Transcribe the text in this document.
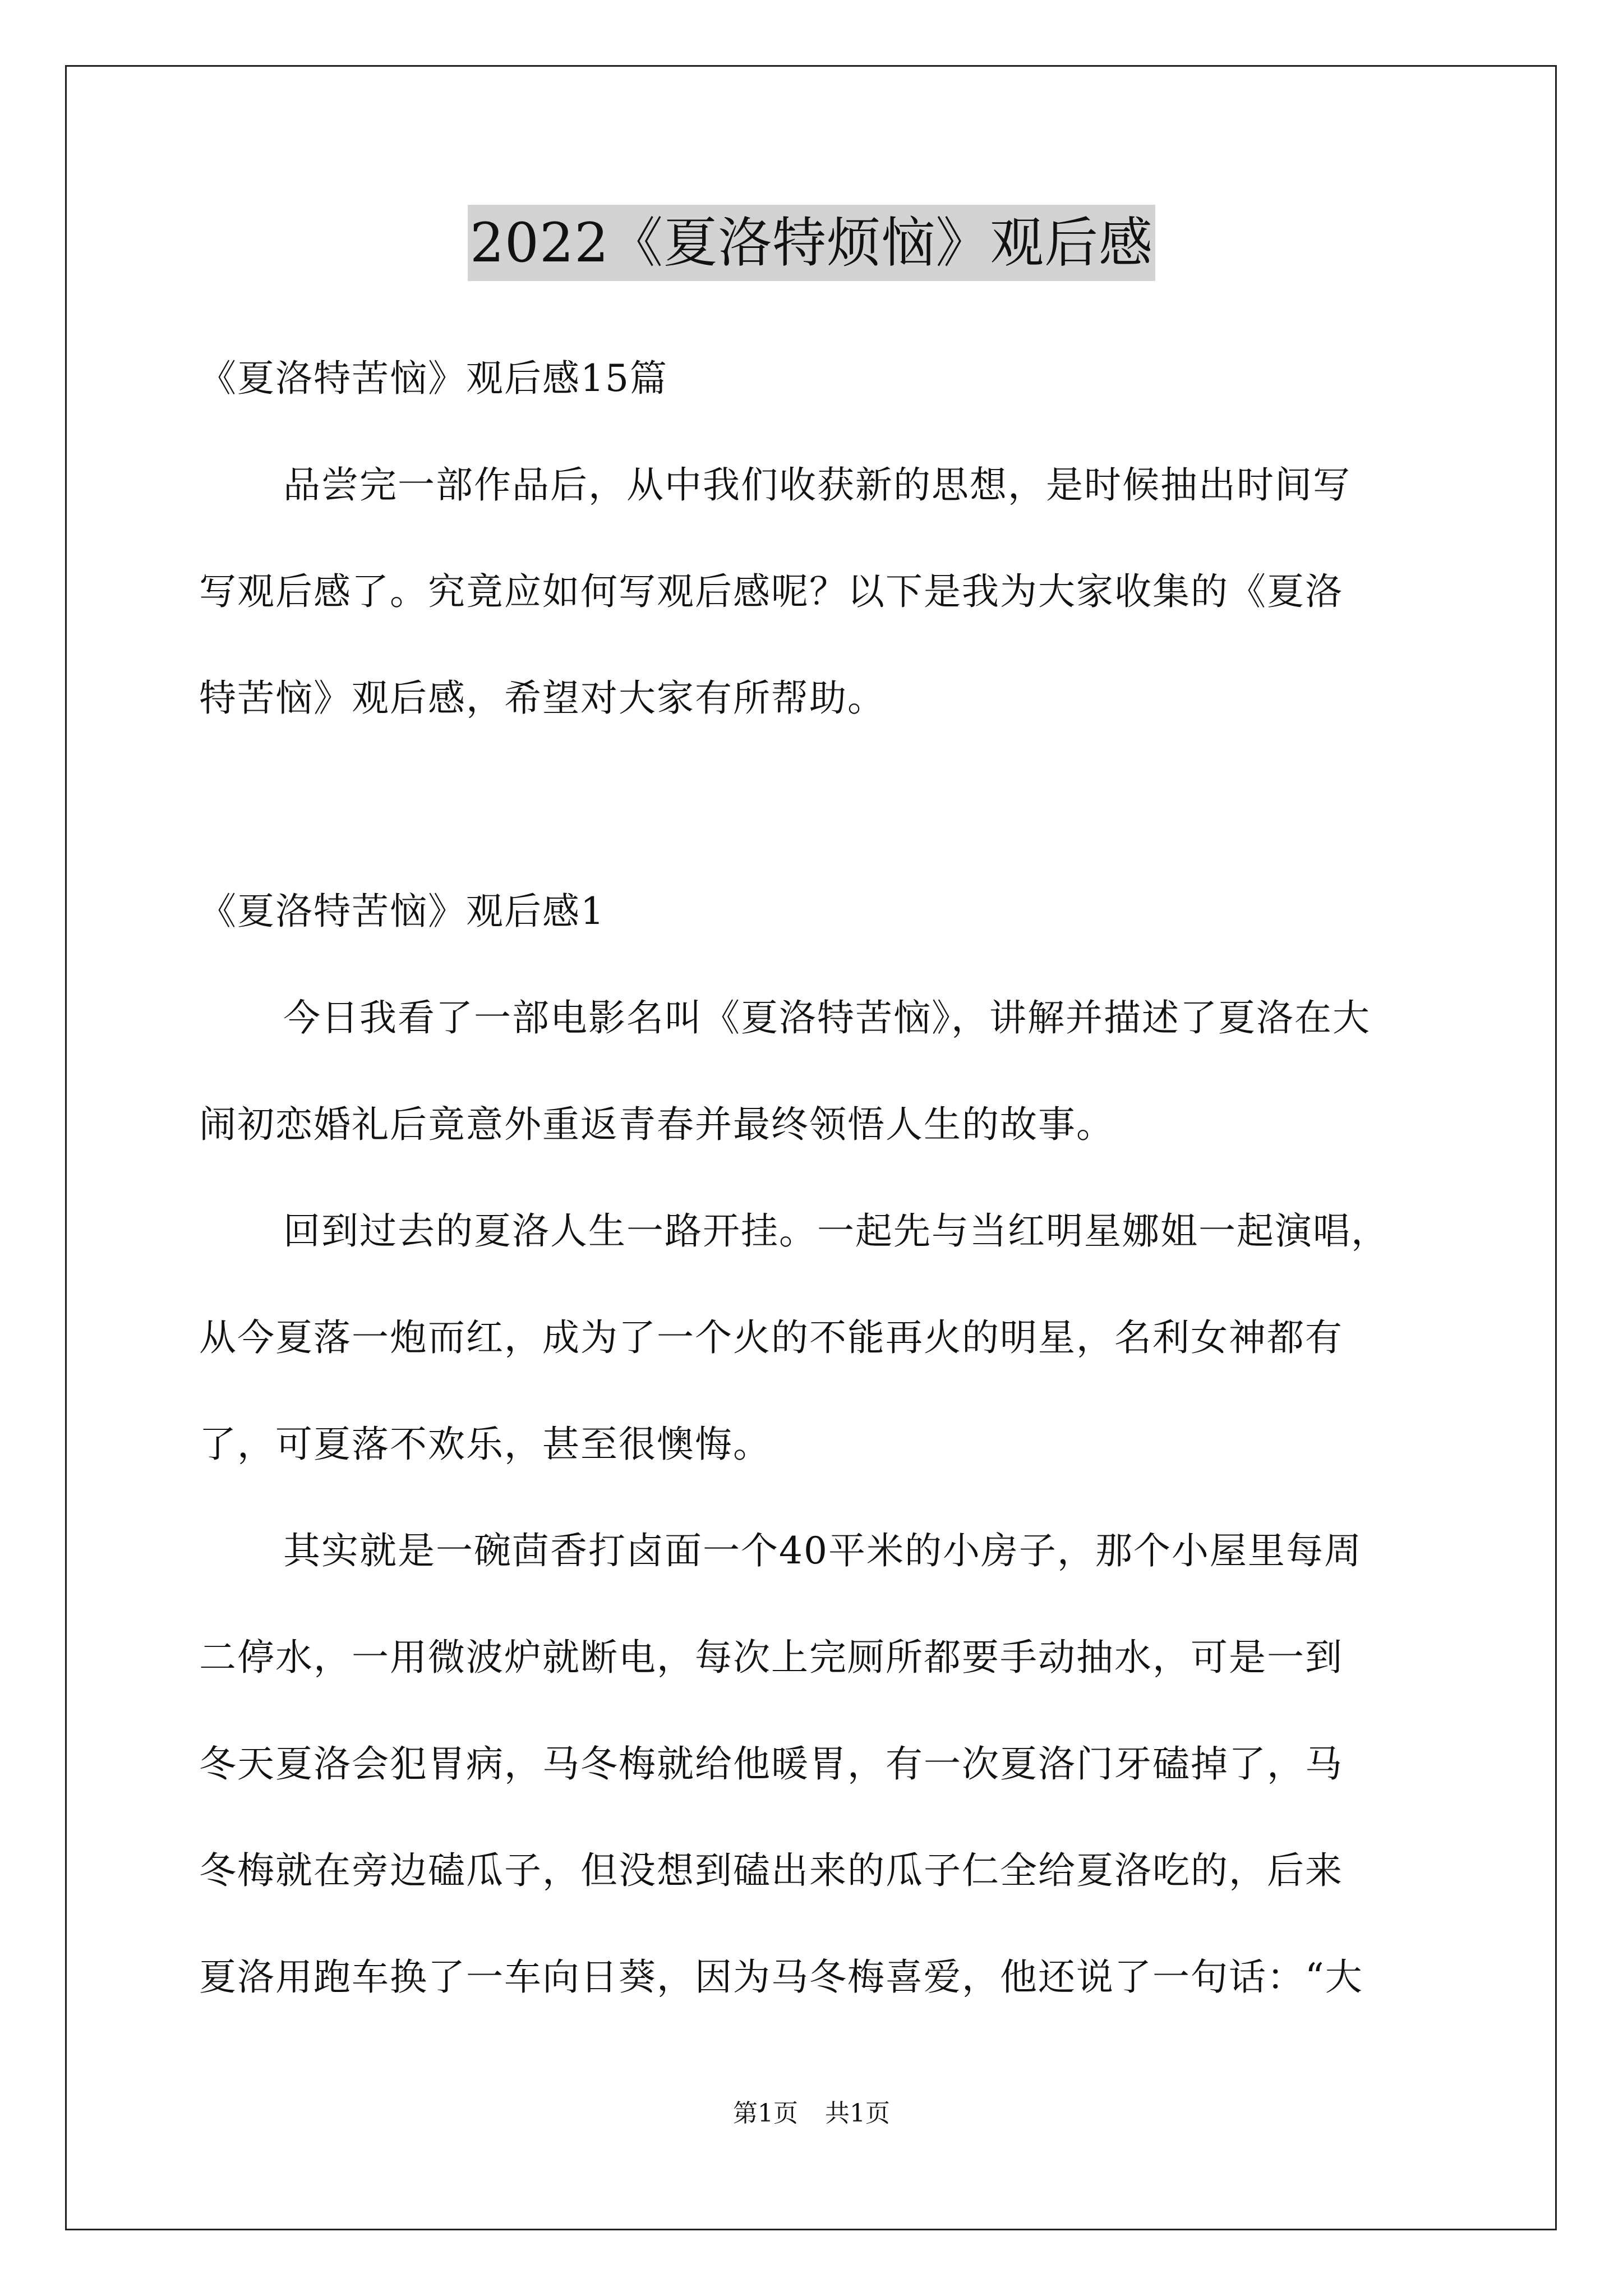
2022《夏洛特烦恼》观后感
《夏洛特苦恼》观后感15篇
品尝完一部作品后，从中我们收获新的思想，是时候抽出时间写
写观后感了。究竟应如何写观后感呢？以下是我为大家收集的《夏洛
特苦恼》观后感，希望对大家有所帮助。
《夏洛特苦恼》观后感1
今日我看了一部电影名叫《夏洛特苦恼》，讲解并描述了夏洛在大
闹初恋婚礼后竟意外重返青春并最终领悟人生的故事。
回到过去的夏洛人生一路开挂。一起先与当红明星娜姐一起演唱，
从今夏落一炮而红，成为了一个火的不能再火的明星，名利女神都有
了，可夏落不欢乐，甚至很懊悔。
其实就是一碗茴香打卤面一个40平米的小房子，那个小屋里每周
二停水，一用微波炉就断电，每次上完厕所都要手动抽水，可是一到
冬天夏洛会犯胃病，马冬梅就给他暖胃，有一次夏洛门牙磕掉了，马
冬梅就在旁边磕瓜子，但没想到磕出来的瓜子仁全给夏洛吃的，后来
夏洛用跑车换了一车向日葵，因为马冬梅喜爱，他还说了一句话：“大
第1页 共1页
